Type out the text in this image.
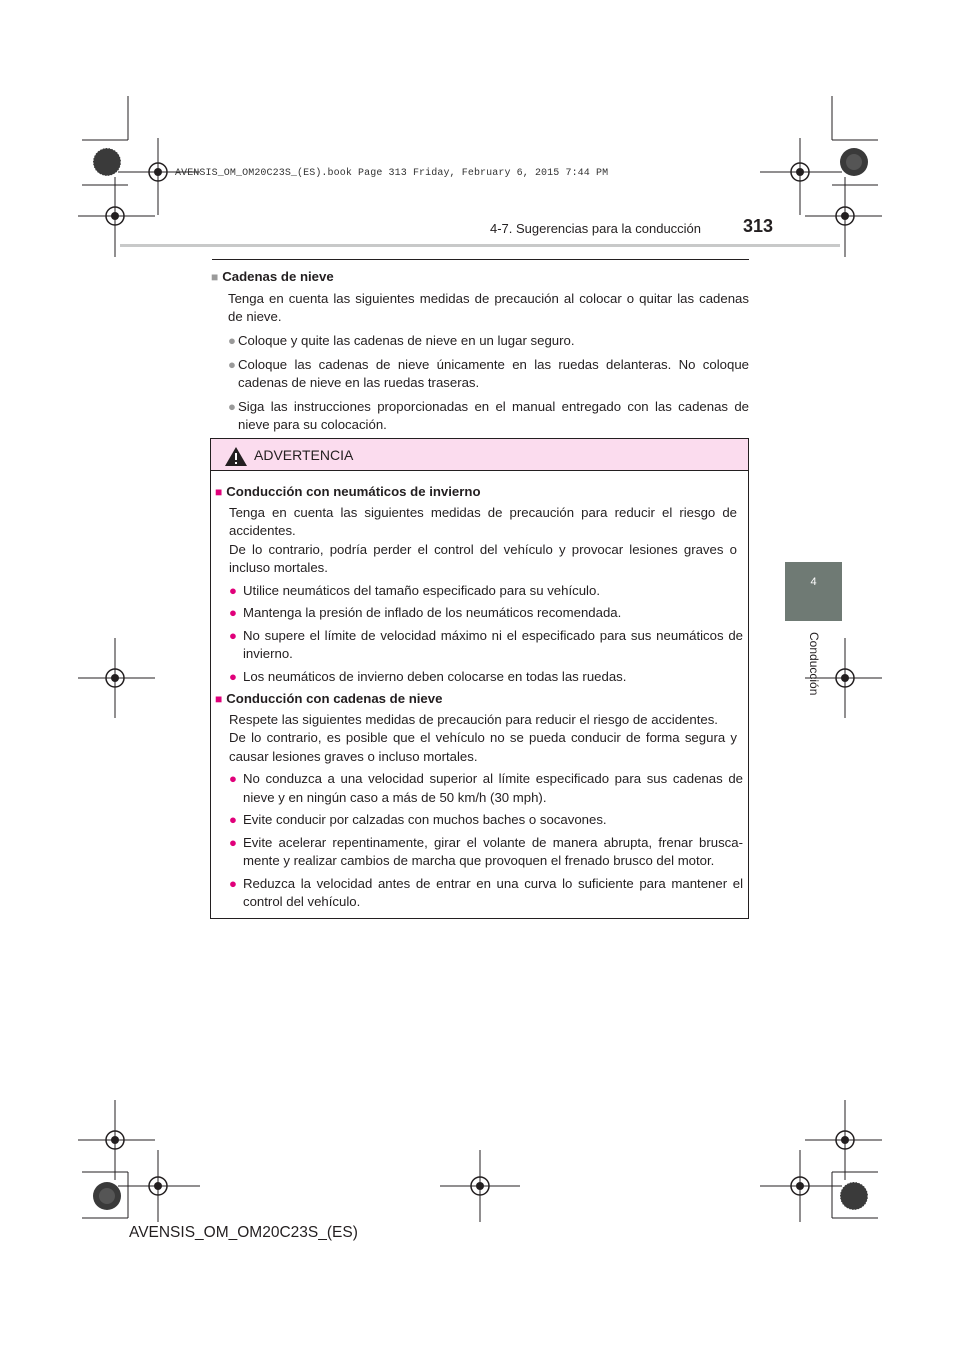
AVENSIS_OM_OM20C23S_(ES).book Page 313 Friday, February 6, 2015 7:44 PM
4-7. Sugerencias para la conducción 313
4
Conducción
■ Cadenas de nieve
Tenga en cuenta las siguientes medidas de precaución al colocar o quitar las cadenas de nieve.
● Coloque y quite las cadenas de nieve en un lugar seguro.
● Coloque las cadenas de nieve únicamente en las ruedas delanteras. No coloque cadenas de nieve en las ruedas traseras.
● Siga las instrucciones proporcionadas en el manual entregado con las cadenas de nieve para su colocación.
ADVERTENCIA
■ Conducción con neumáticos de invierno
Tenga en cuenta las siguientes medidas de precaución para reducir el riesgo de accidentes.
De lo contrario, podría perder el control del vehículo y provocar lesiones graves o incluso mortales.
● Utilice neumáticos del tamaño especificado para su vehículo.
● Mantenga la presión de inflado de los neumáticos recomendada.
● No supere el límite de velocidad máximo ni el especificado para sus neumáticos de invierno.
● Los neumáticos de invierno deben colocarse en todas las ruedas.
■ Conducción con cadenas de nieve
Respete las siguientes medidas de precaución para reducir el riesgo de accidentes.
De lo contrario, es posible que el vehículo no se pueda conducir de forma segura y causar lesiones graves o incluso mortales.
● No conduzca a una velocidad superior al límite especificado para sus cadenas de nieve y en ningún caso a más de 50 km/h (30 mph).
● Evite conducir por calzadas con muchos baches o socavones.
● Evite acelerar repentinamente, girar el volante de manera abrupta, frenar brusca-mente y realizar cambios de marcha que provoquen el frenado brusco del motor.
● Reduzca la velocidad antes de entrar en una curva lo suficiente para mantener el control del vehículo.
AVENSIS_OM_OM20C23S_(ES)
